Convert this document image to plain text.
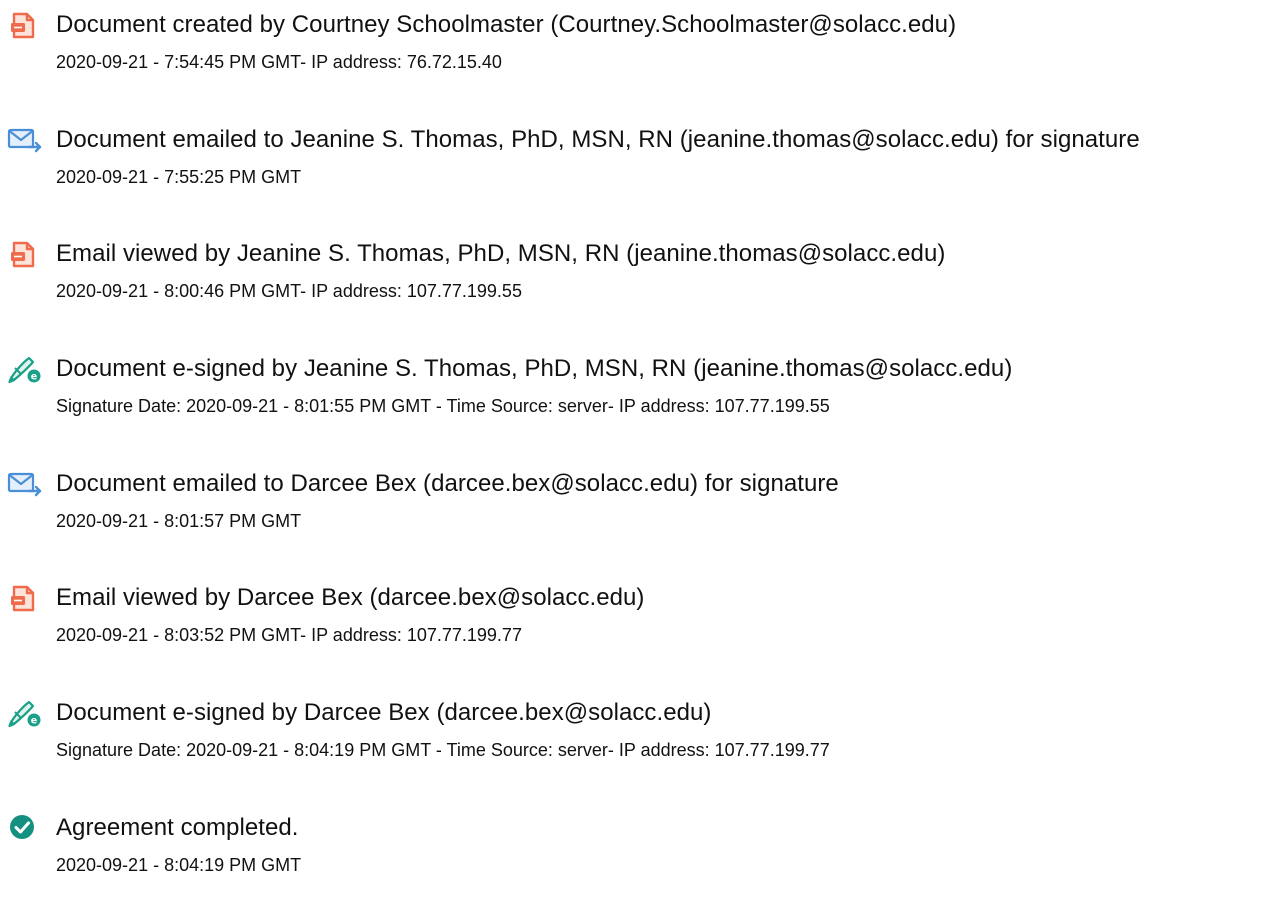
Document created by Courtney Schoolmaster (Courtney.Schoolmaster@solacc.edu)
2020-09-21 - 7:54:45 PM GMT- IP address: 76.72.15.40
Document emailed to Jeanine S. Thomas, PhD, MSN, RN (jeanine.thomas@solacc.edu) for signature
2020-09-21 - 7:55:25 PM GMT
Email viewed by Jeanine S. Thomas, PhD, MSN, RN (jeanine.thomas@solacc.edu)
2020-09-21 - 8:00:46 PM GMT- IP address: 107.77.199.55
e Document e-signed by Jeanine S. Thomas, PhD, MSN, RN (jeanine.thomas@solacc.edu)
Signature Date: 2020-09-21 - 8:01:55 PM GMT - Time Source: server- IP address: 107.77.199.55
Document emailed to Darcee Bex (darcee.bex@solacc.edu) for signature
2020-09-21 - 8:01:57 PM GMT
Email viewed by Darcee Bex (darcee.bex@solacc.edu)
2020-09-21 - 8:03:52 PM GMT- IP address: 107.77.199.77
e Document e-signed by Darcee Bex (darcee.bex@solacc.edu)
Signature Date: 2020-09-21 - 8:04:19 PM GMT - Time Source: server- IP address: 107.77.199.77
Agreement completed.
2020-09-21 - 8:04:19 PM GMT
